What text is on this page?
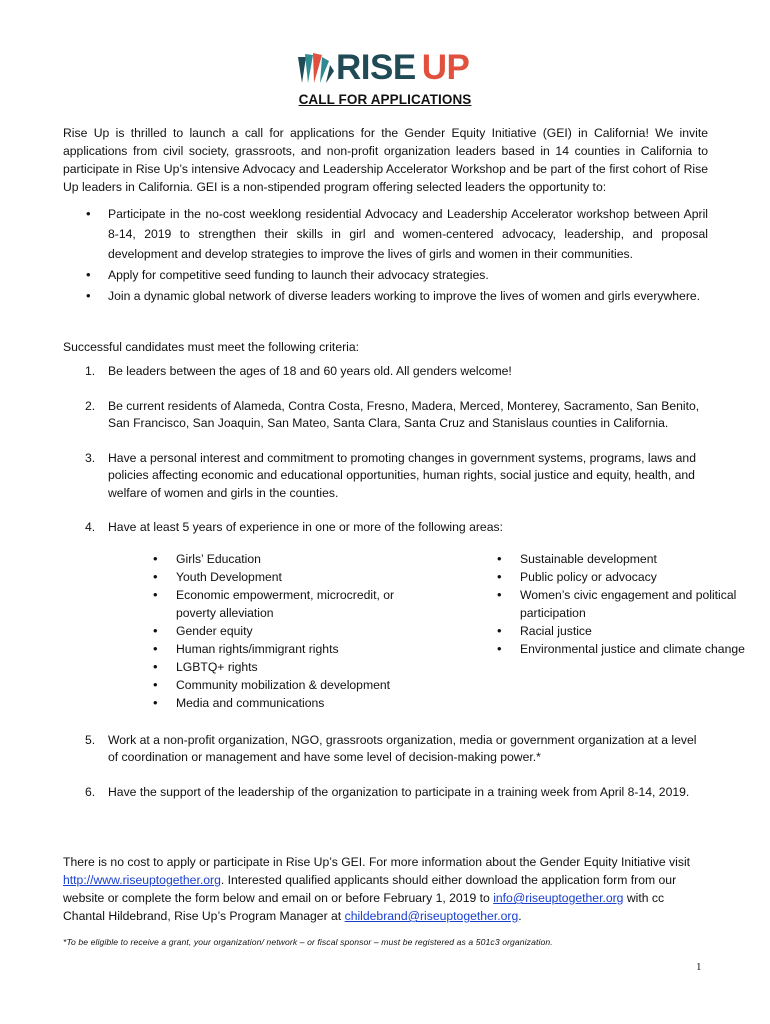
RISE UP
CALL FOR APPLICATIONS

Rise Up is thrilled to launch a call for applications for the Gender Equity Initiative (GEI) in California! We invite applications from civil society, grassroots, and non-profit organization leaders based in 14 counties in California to participate in Rise Up’s intensive Advocacy and Leadership Accelerator Workshop and be part of the first cohort of Rise Up leaders in California. GEI is a non-stipended program offering selected leaders the opportunity to:

• Participate in the no-cost weeklong residential Advocacy and Leadership Accelerator workshop between April 8-14, 2019 to strengthen their skills in girl and women-centered advocacy, leadership, and proposal development and develop strategies to improve the lives of girls and women in their communities.
• Apply for competitive seed funding to launch their advocacy strategies.
• Join a dynamic global network of diverse leaders working to improve the lives of women and girls everywhere.

Successful candidates must meet the following criteria:

1. Be leaders between the ages of 18 and 60 years old. All genders welcome!
2. Be current residents of Alameda, Contra Costa, Fresno, Madera, Merced, Monterey, Sacramento, San Benito, San Francisco, San Joaquin, San Mateo, Santa Clara, Santa Cruz and Stanislaus counties in California.
3. Have a personal interest and commitment to promoting changes in government systems, programs, laws and policies affecting economic and educational opportunities, human rights, social justice and equity, health, and welfare of women and girls in the counties.
4. Have at least 5 years of experience in one or more of the following areas:
• Girls’ Education
• Youth Development
• Economic empowerment, microcredit, or poverty alleviation
• Gender equity
• Human rights/immigrant rights
• LGBTQ+ rights
• Community mobilization & development
• Media and communications
• Sustainable development
• Public policy or advocacy
• Women’s civic engagement and political participation
• Racial justice
• Environmental justice and climate change
5. Work at a non-profit organization, NGO, grassroots organization, media or government organization at a level of coordination or management and have some level of decision-making power.*
6. Have the support of the leadership of the organization to participate in a training week from April 8-14, 2019.

There is no cost to apply or participate in Rise Up’s GEI. For more information about the Gender Equity Initiative visit http://www.riseuptogether.org. Interested qualified applicants should either download the application form from our website or complete the form below and email on or before February 1, 2019 to info@riseuptogether.org with cc Chantal Hildebrand, Rise Up’s Program Manager at childebrand@riseuptogether.org.

*To be eligible to receive a grant, your organization/ network – or fiscal sponsor – must be registered as a 501c3 organization.
1
